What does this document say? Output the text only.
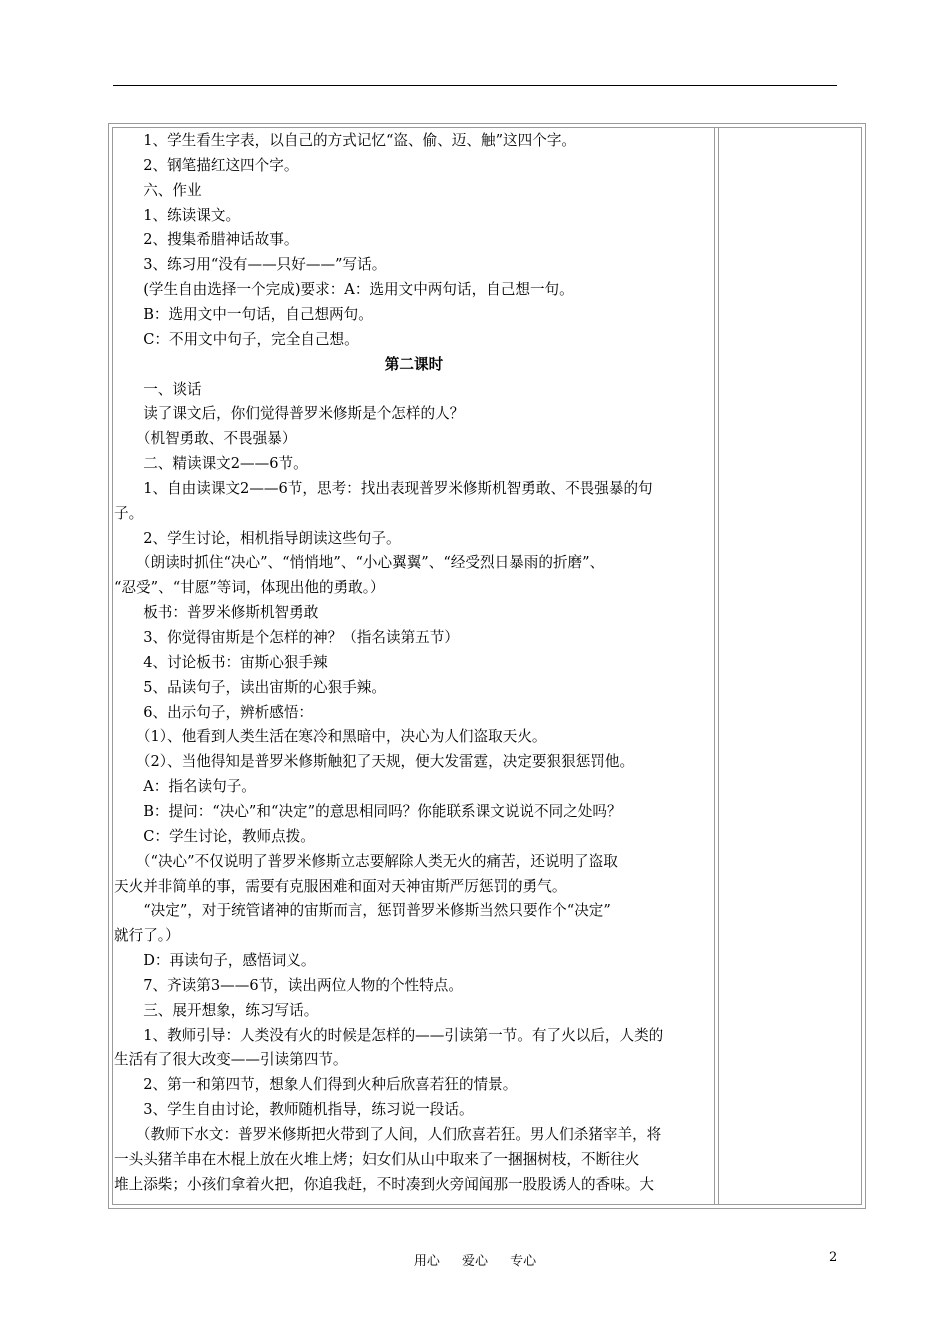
　　1、学生看生字表，以自己的方式记忆“盗、偷、迈、触”这四个字。
　　2、钢笔描红这四个字。
　　六、作业
　　1、练读课文。
　　2、搜集希腊神话故事。
　　3、练习用“没有——只好——”写话。
　　(学生自由选择一个完成)要求：A：选用文中两句话，自己想一句。
　　B：选用文中一句话，自己想两句。
　　C：不用文中句子，完全自己想。
第二课时
　　一、谈话
　　读了课文后，你们觉得普罗米修斯是个怎样的人？
　　（机智勇敢、不畏强暴）
　　二、精读课文2——6节。
　　1、自由读课文2——6节，思考：找出表现普罗米修斯机智勇敢、不畏强暴的句
子。
　　2、学生讨论，相机指导朗读这些句子。
　　（朗读时抓住“决心”、“悄悄地”、“小心翼翼”、“经受烈日暴雨的折磨”、
“忍受”、“甘愿”等词，体现出他的勇敢。）
　　板书：普罗米修斯机智勇敢
　　3、你觉得宙斯是个怎样的神？（指名读第五节）
　　4、讨论板书：宙斯心狠手辣
　　5、品读句子，读出宙斯的心狠手辣。
　　6、出示句子，辨析感悟：
　　（1）、他看到人类生活在寒冷和黑暗中，决心为人们盗取天火。
　　（2）、当他得知是普罗米修斯触犯了天规，便大发雷霆，决定要狠狠惩罚他。
　　A：指名读句子。
　　B：提问：“决心”和“决定”的意思相同吗？你能联系课文说说不同之处吗？
　　C：学生讨论，教师点拨。
　　（“决心”不仅说明了普罗米修斯立志要解除人类无火的痛苦，还说明了盗取
天火并非简单的事，需要有克服困难和面对天神宙斯严厉惩罚的勇气。
　　“决定”，对于统管诸神的宙斯而言，惩罚普罗米修斯当然只要作个“决定”
就行了。）
　　D：再读句子，感悟词义。
　　7、齐读第3——6节，读出两位人物的个性特点。
　　三、展开想象，练习写话。
　　1、教师引导：人类没有火的时候是怎样的——引读第一节。有了火以后，人类的
生活有了很大改变——引读第四节。
　　2、第一和第四节，想象人们得到火种后欣喜若狂的情景。
　　3、学生自由讨论，教师随机指导，练习说一段话。
　　（教师下水文：普罗米修斯把火带到了人间，人们欣喜若狂。男人们杀猪宰羊，将
一头头猪羊串在木棍上放在火堆上烤；妇女们从山中取来了一捆捆树枝，不断往火
堆上添柴；小孩们拿着火把，你追我赶，不时凑到火旁闻闻那一股股诱人的香味。大
用心 爱心 专心	2
